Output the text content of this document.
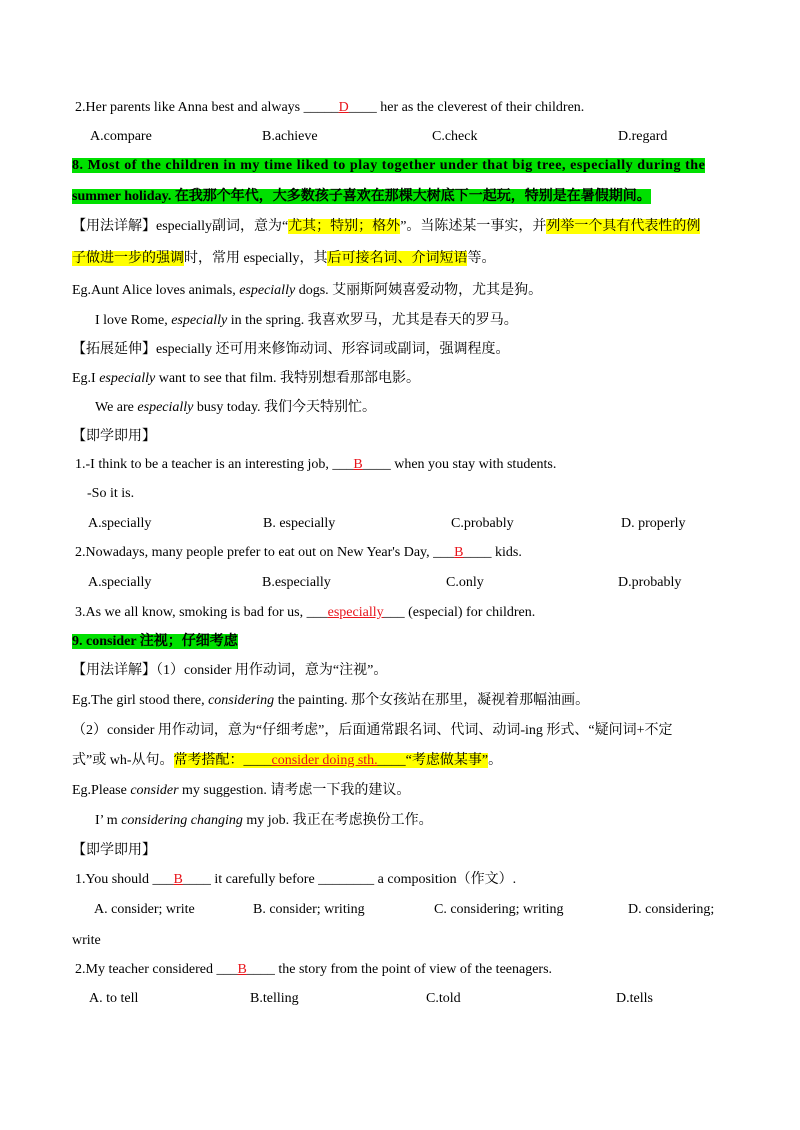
2.Her parents like Anna best and always _____D____ her as the cleverest of their children.
A.compare	B.achieve	C.check	D.regard
8. Most of the children in my time liked to play together under that big tree, especially during the
summer holiday. 在我那个年代，大多数孩子喜欢在那棵大树底下一起玩，特别是在暑假期间。
【用法详解】especially副词，意为“尤其；特别；格外”。当陈述某一事实，并列举一个具有代表性的例
子做进一步的强调时，常用 especially，其后可接名词、介词短语等。
Eg.Aunt Alice loves animals, especially dogs. 艾丽斯阿姨喜爱动物，尤其是狗。
I love Rome, especially in the spring. 我喜欢罗马，尤其是春天的罗马。
【拓展延伸】especially 还可用来修饰动词、形容词或副词，强调程度。
Eg.I especially want to see that film. 我特别想看那部电影。
We are especially busy today. 我们今天特别忙。
【即学即用】
1.-I think to be a teacher is an interesting job, ___B____ when you stay with students.
-So it is.
A.specially	B. especially	C.probably	D. properly
2.Nowadays, many people prefer to eat out on New Year's Day, ___B____ kids.
A.specially	B.especially	C.only	D.probably
3.As we all know, smoking is bad for us, ___especially___ (especial) for children.
9. consider 注视；仔细考虑
【用法详解】（1）consider 用作动词，意为“注视”。
Eg.The girl stood there, considering the painting. 那个女孩站在那里，凝视着那幅油画。
（2）consider 用作动词，意为“仔细考虑”，后面通常跟名词、代词、动词-ing 形式、“疑问词+不定
式”或 wh-从句。常考搭配：____consider doing sth.____“考虑做某事”。
Eg.Please consider my suggestion. 请考虑一下我的建议。
I’ m considering changing my job. 我正在考虑换份工作。
【即学即用】
1.You should ___B____ it carefully before ________ a composition（作文）.
A. consider; write	B. consider; writing	C. considering; writing	D. considering;
write
2.My teacher considered ___B____ the story from the point of view of the teenagers.
A. to tell	B.telling	C.told	D.tells
